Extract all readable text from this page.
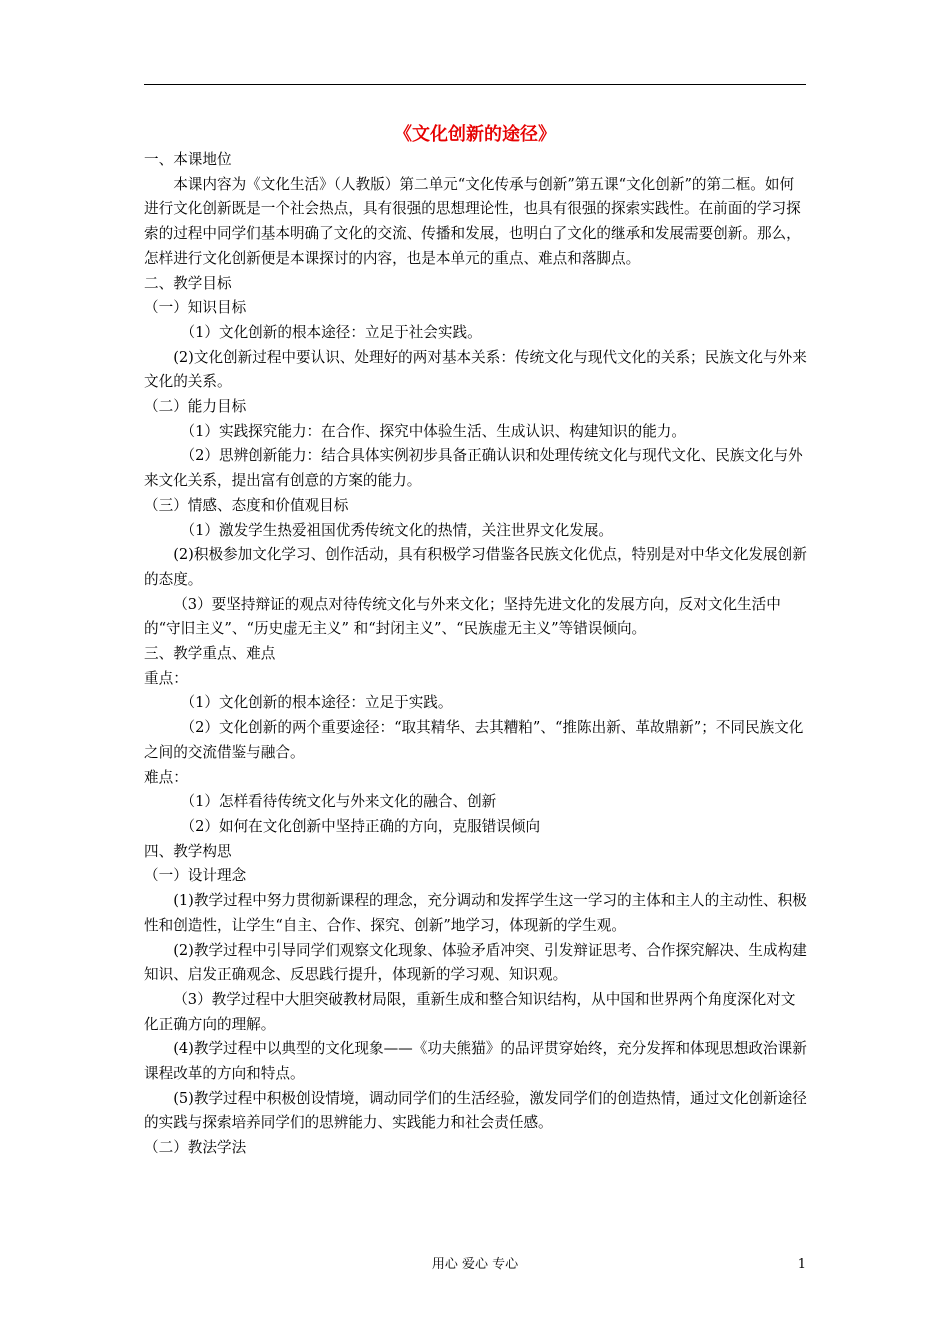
《文化创新的途径》

一、本课地位

本课内容为《文化生活》（人教版）第二单元“文化传承与创新”第五课“文化创新”的第二框。如何进行文化创新既是一个社会热点，具有很强的思想理论性，也具有很强的探索实践性。在前面的学习探索的过程中同学们基本明确了文化的交流、传播和发展，也明白了文化的继承和发展需要创新。那么，怎样进行文化创新便是本课探讨的内容，也是本单元的重点、难点和落脚点。

二、教学目标

（一）知识目标

（1）文化创新的根本途径：立足于社会实践。

(2)文化创新过程中要认识、处理好的两对基本关系：传统文化与现代文化的关系；民族文化与外来文化的关系。

（二）能力目标

（1）实践探究能力：在合作、探究中体验生活、生成认识、构建知识的能力。

（2）思辨创新能力：结合具体实例初步具备正确认识和处理传统文化与现代文化、民族文化与外来文化关系，提出富有创意的方案的能力。

（三）情感、态度和价值观目标

（1）激发学生热爱祖国优秀传统文化的热情，关注世界文化发展。

(2)积极参加文化学习、创作活动，具有积极学习借鉴各民族文化优点，特别是对中华文化发展创新的态度。

（3）要坚持辩证的观点对待传统文化与外来文化；坚持先进文化的发展方向，反对文化生活中的“守旧主义”、“历史虚无主义” 和“封闭主义”、“民族虚无主义”等错误倾向。

三、教学重点、难点

重点：

（1）文化创新的根本途径：立足于实践。

（2）文化创新的两个重要途径：“取其精华、去其糟粕”、“推陈出新、革故鼎新”；不同民族文化之间的交流借鉴与融合。

难点：

（1）怎样看待传统文化与外来文化的融合、创新

（2）如何在文化创新中坚持正确的方向，克服错误倾向

四、教学构思

（一）设计理念

(1)教学过程中努力贯彻新课程的理念，充分调动和发挥学生这一学习的主体和主人的主动性、积极性和创造性，让学生“自主、合作、探究、创新”地学习，体现新的学生观。

(2)教学过程中引导同学们观察文化现象、体验矛盾冲突、引发辩证思考、合作探究解决、生成构建知识、启发正确观念、反思践行提升，体现新的学习观、知识观。

（3）教学过程中大胆突破教材局限，重新生成和整合知识结构，从中国和世界两个角度深化对文化正确方向的理解。

(4)教学过程中以典型的文化现象——《功夫熊猫》的品评贯穿始终，充分发挥和体现思想政治课新课程改革的方向和特点。

(5)教学过程中积极创设情境，调动同学们的生活经验，激发同学们的创造热情，通过文化创新途径的实践与探索培养同学们的思辨能力、实践能力和社会责任感。

（二）教法学法

用心 爱心 专心	1
